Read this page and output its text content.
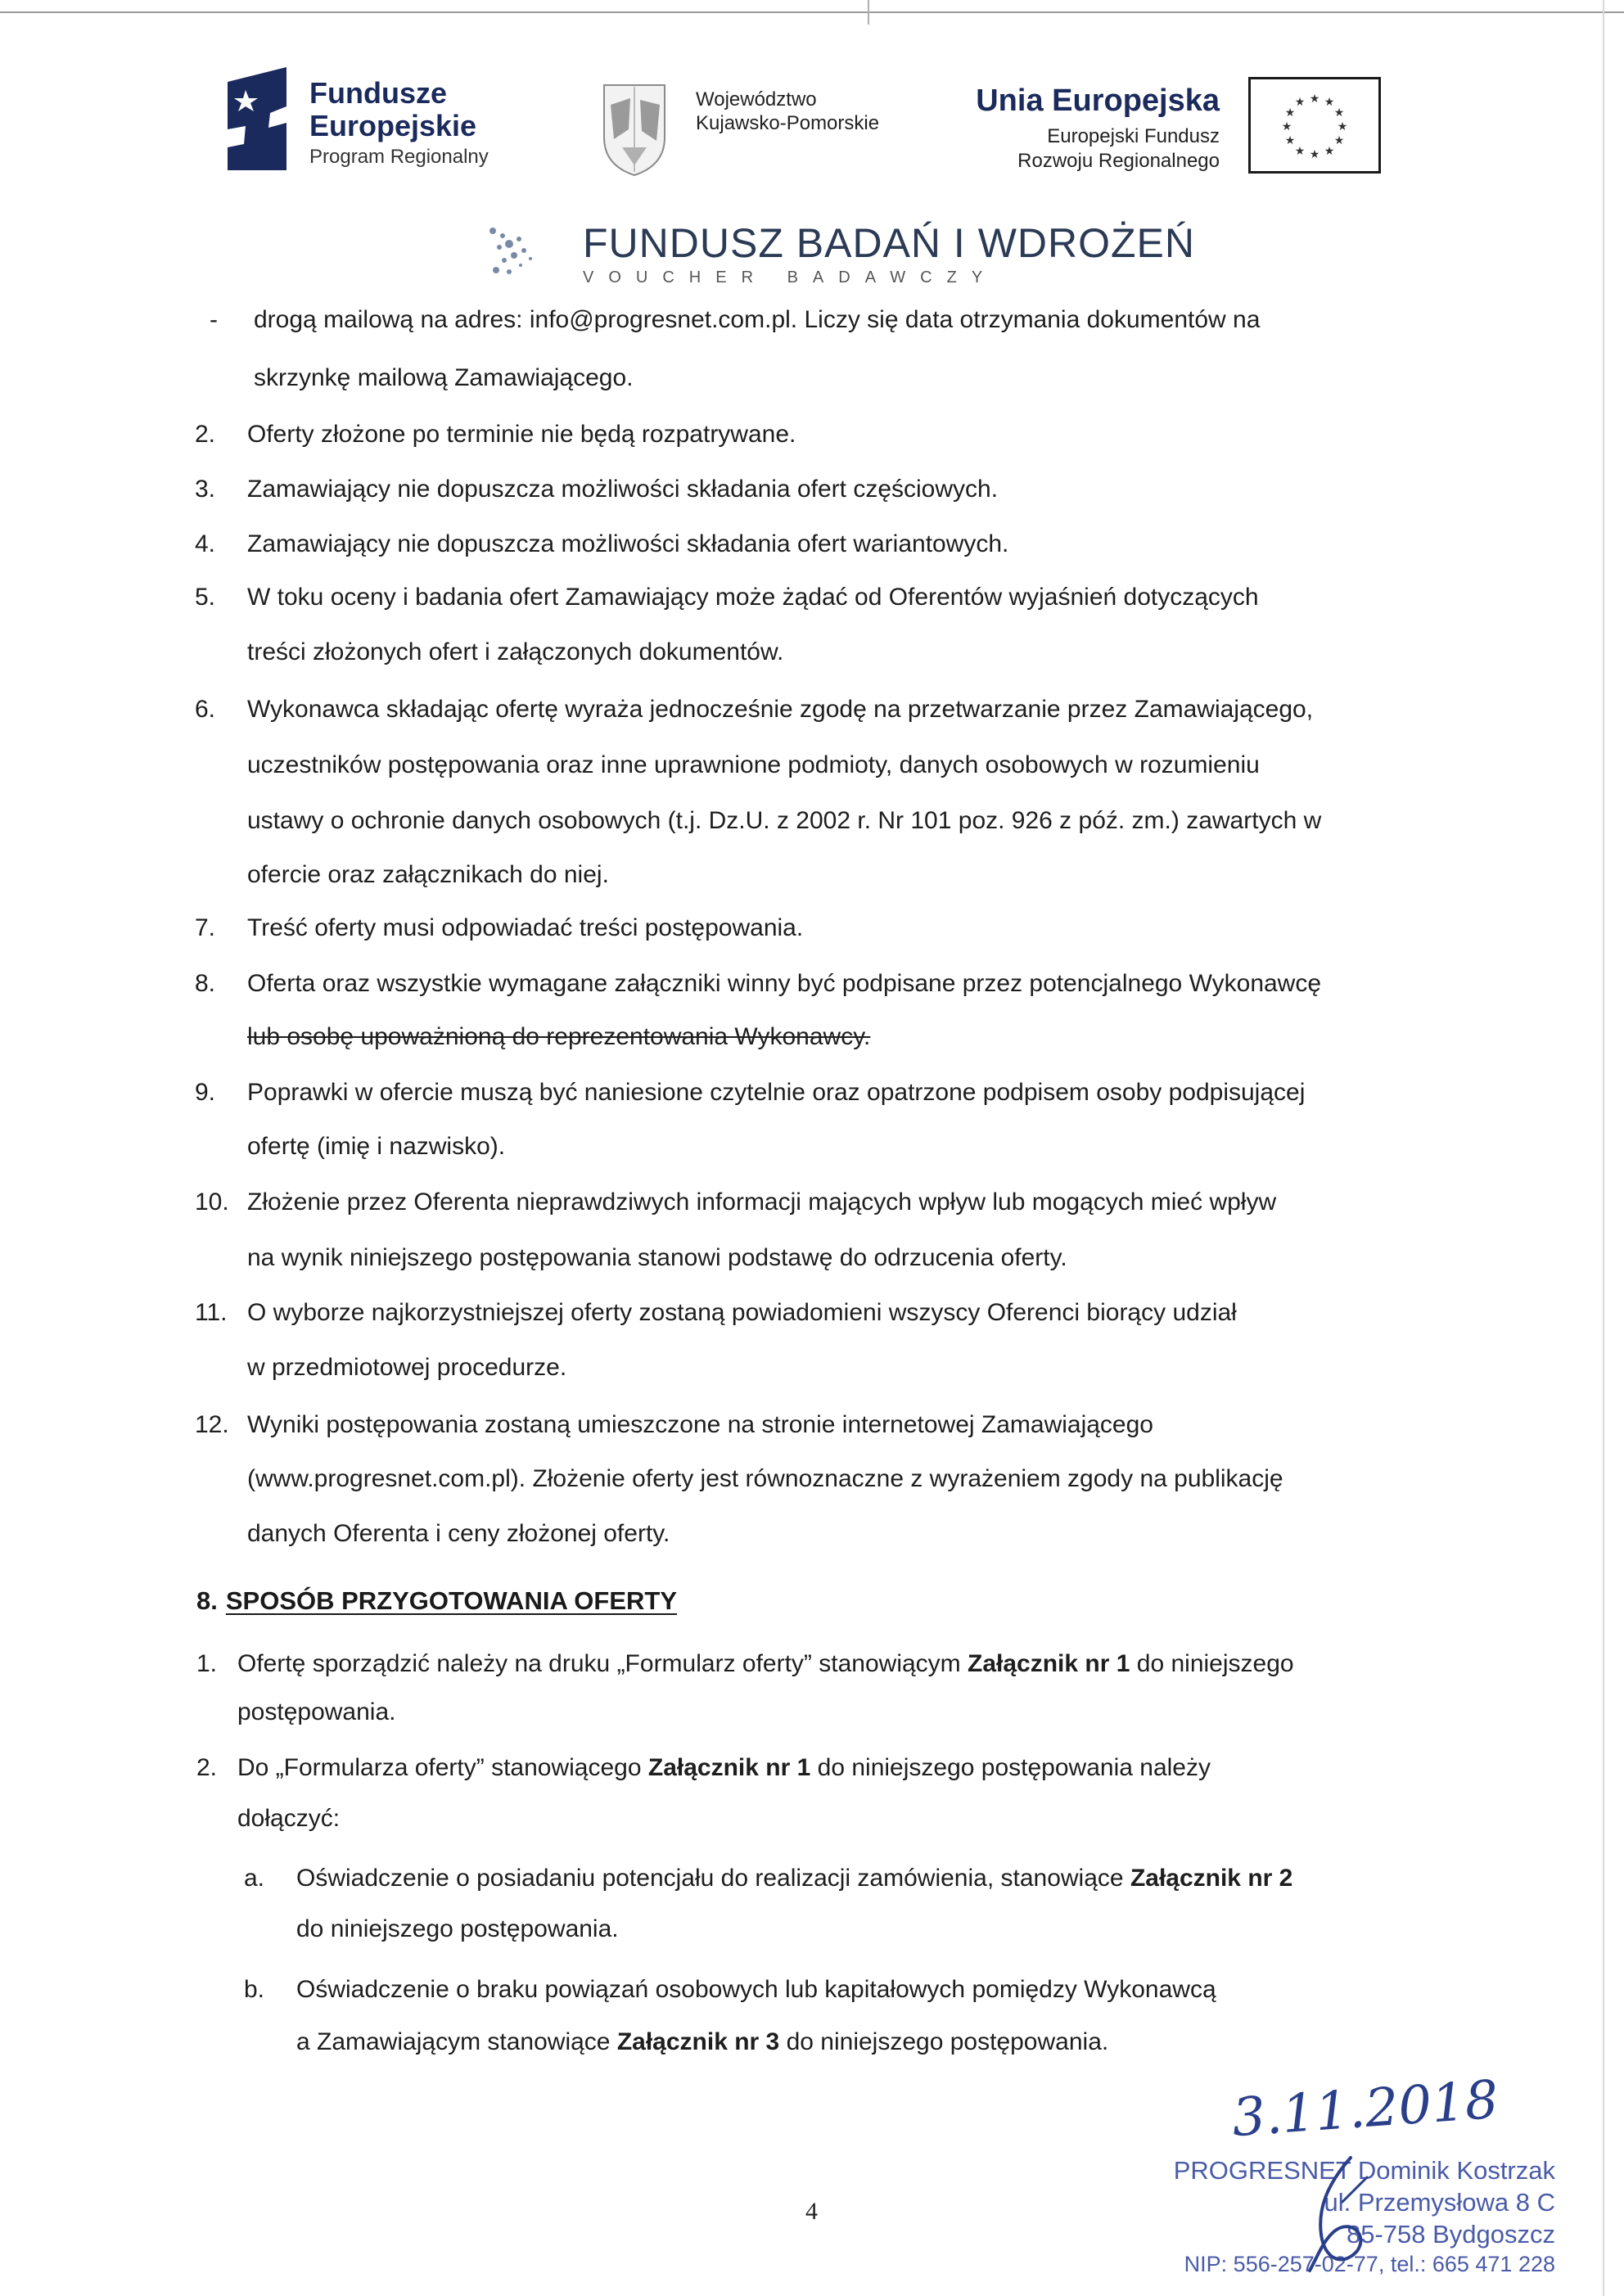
Fundusze
Europejskie
Program Regionalny
Województwo
Kujawsko-Pomorskie
Unia Europejska
Europejski Fundusz
Rozwoju Regionalnego
★ ★
★
★
★
★
★
★
★
★
★
★
FUNDUSZ BADAŃ I WDROŻEŃ
VOUCHER BADAWCZY
- drogą mailową na adres: info@progresnet.com.pl. Liczy się data otrzymania dokumentów na
skrzynkę mailową Zamawiającego.
2. Oferty złożone po terminie nie będą rozpatrywane.
3. Zamawiający nie dopuszcza możliwości składania ofert częściowych.
4. Zamawiający nie dopuszcza możliwości składania ofert wariantowych.
5. W toku oceny i badania ofert Zamawiający może żądać od Oferentów wyjaśnień dotyczących
treści złożonych ofert i załączonych dokumentów.
6. Wykonawca składając ofertę wyraża jednocześnie zgodę na przetwarzanie przez Zamawiającego,
uczestników postępowania oraz inne uprawnione podmioty, danych osobowych w rozumieniu
ustawy o ochronie danych osobowych (t.j. Dz.U. z 2002 r. Nr 101 poz. 926 z póź. zm.) zawartych w
ofercie oraz załącznikach do niej.
7. Treść oferty musi odpowiadać treści postępowania.
8. Oferta oraz wszystkie wymagane załączniki winny być podpisane przez potencjalnego Wykonawcę
lub osobę upoważnioną do reprezentowania Wykonawcy.
9. Poprawki w ofercie muszą być naniesione czytelnie oraz opatrzone podpisem osoby podpisującej
ofertę (imię i nazwisko).
10. Złożenie przez Oferenta nieprawdziwych informacji mających wpływ lub mogących mieć wpływ
na wynik niniejszego postępowania stanowi podstawę do odrzucenia oferty.
11. O wyborze najkorzystniejszej oferty zostaną powiadomieni wszyscy Oferenci biorący udział
w przedmiotowej procedurze.
12. Wyniki postępowania zostaną umieszczone na stronie internetowej Zamawiającego
(www.progresnet.com.pl). Złożenie oferty jest równoznaczne z wyrażeniem zgody na publikację
danych Oferenta i ceny złożonej oferty.
8. SPOSÓB PRZYGOTOWANIA OFERTY
1. Ofertę sporządzić należy na druku „Formularz oferty” stanowiącym Załącznik nr 1 do niniejszego
postępowania.
2. Do „Formularza oferty” stanowiącego Załącznik nr 1 do niniejszego postępowania należy
dołączyć:
a. Oświadczenie o posiadaniu potencjału do realizacji zamówienia, stanowiące Załącznik nr 2
do niniejszego postępowania.
b. Oświadczenie o braku powiązań osobowych lub kapitałowych pomiędzy Wykonawcą
a Zamawiającym stanowiące Załącznik nr 3 do niniejszego postępowania.
4
3.11.2018
PROGRESNET Dominik Kostrzak
ul. Przemysłowa 8 C
85-758 Bydgoszcz
NIP: 556-257-02-77, tel.: 665 471 228
